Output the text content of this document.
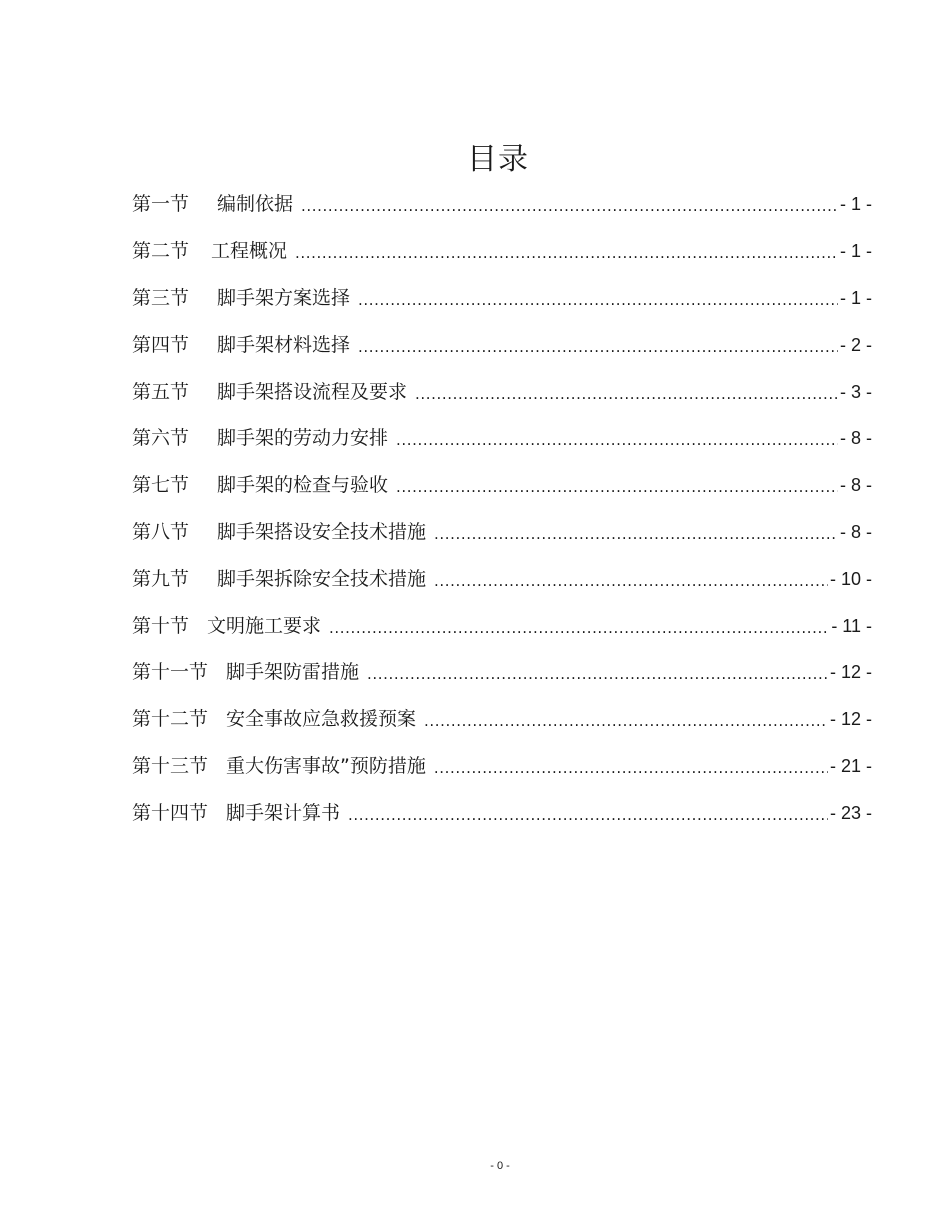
目录
第一节 编制依据 .....	- 1 -
第二节 工程概况 .....	- 1 -
第三节 脚手架方案选择 .....	- 1 -
第四节 脚手架材料选择 .....	- 2 -
第五节 脚手架搭设流程及要求 .....	- 3 -
第六节 脚手架的劳动力安排 .....	- 8 -
第七节 脚手架的检查与验收 .....	- 8 -
第八节 脚手架搭设安全技术措施 .....	- 8 -
第九节 脚手架拆除安全技术措施 .....	- 10 -
第十节 文明施工要求 .....	- 11 -
第十一节 脚手架防雷措施 .....	- 12 -
第十二节 安全事故应急救援预案 .....	- 12 -
第十三节 重大伤害事故”预防措施 .....	- 21 -
第十四节 脚手架计算书 .....	- 23 -
- 0 -
